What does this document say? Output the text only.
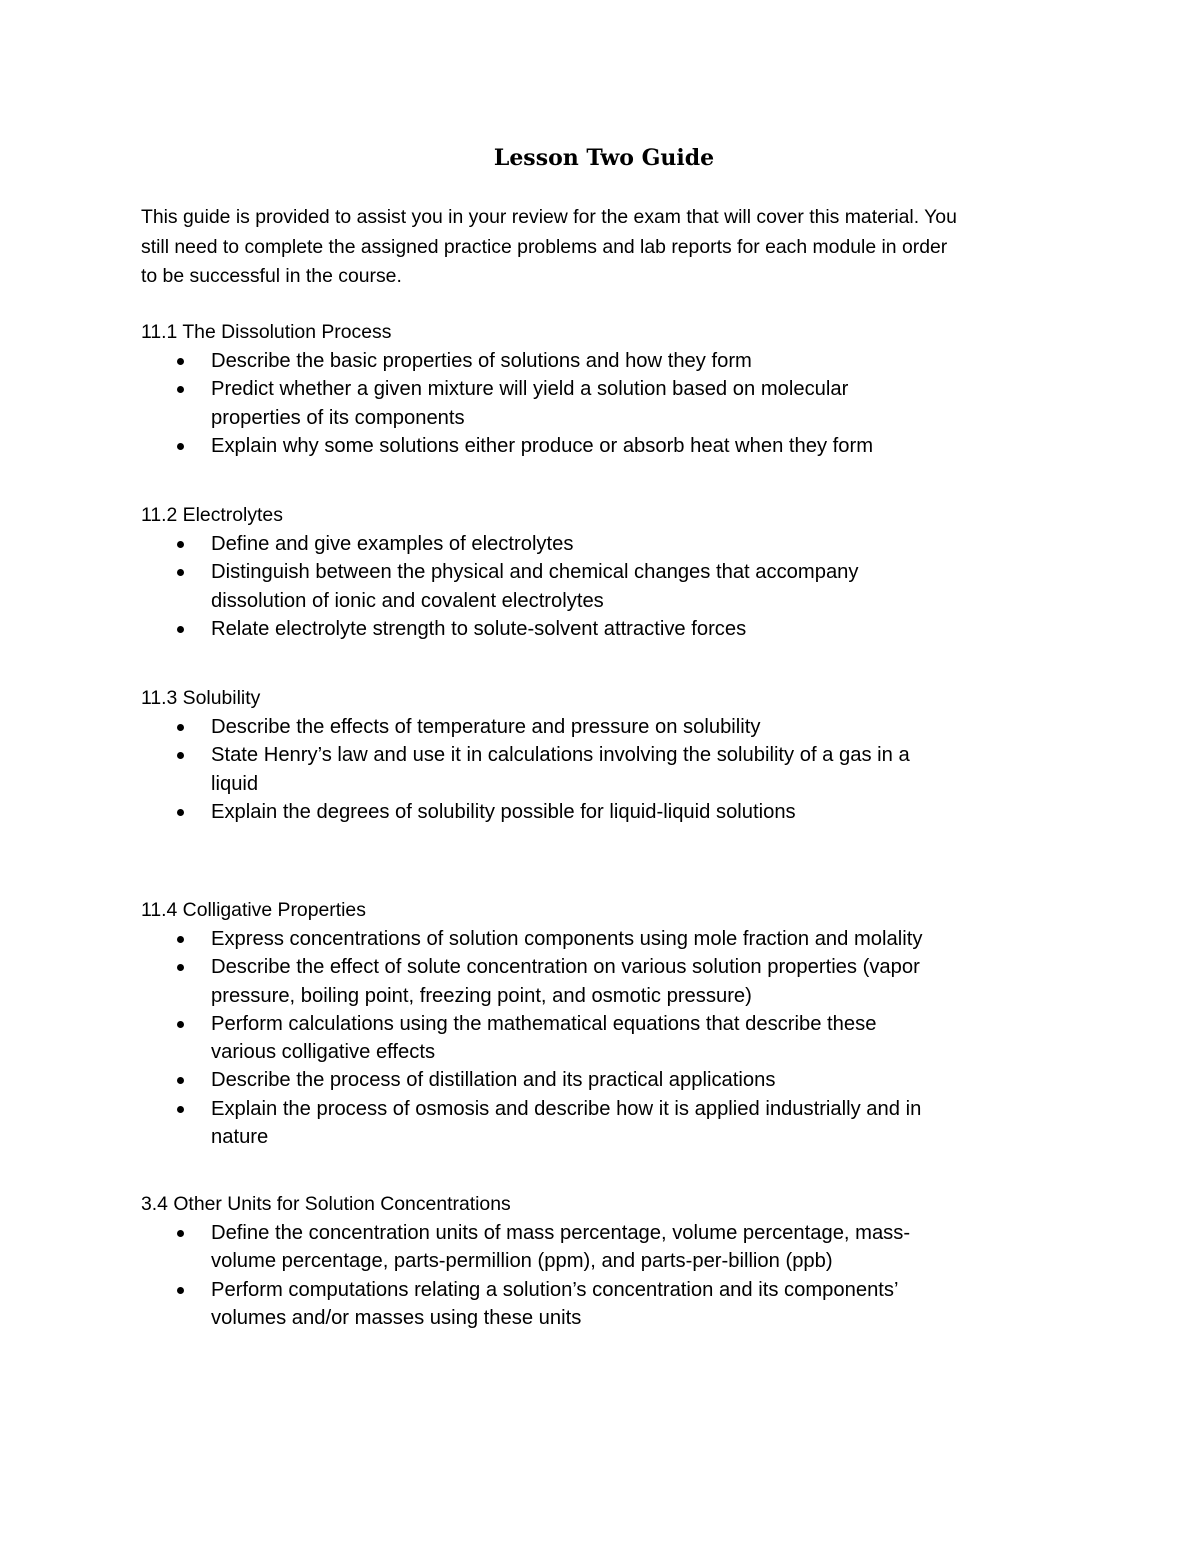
Lesson Two Guide

This guide is provided to assist you in your review for the exam that will cover this material. You
still need to complete the assigned practice problems and lab reports for each module in order
to be successful in the course.

11.1 The Dissolution Process
Describe the basic properties of solutions and how they form
Predict whether a given mixture will yield a solution based on molecular
properties of its components
Explain why some solutions either produce or absorb heat when they form
11.2 Electrolytes
Define and give examples of electrolytes
Distinguish between the physical and chemical changes that accompany
dissolution of ionic and covalent electrolytes
Relate electrolyte strength to solute-solvent attractive forces
11.3 Solubility
Describe the effects of temperature and pressure on solubility
State Henry’s law and use it in calculations involving the solubility of a gas in a
liquid
Explain the degrees of solubility possible for liquid-liquid solutions
11.4 Colligative Properties
Express concentrations of solution components using mole fraction and molality
Describe the effect of solute concentration on various solution properties (vapor
pressure, boiling point, freezing point, and osmotic pressure)
Perform calculations using the mathematical equations that describe these
various colligative effects
Describe the process of distillation and its practical applications
Explain the process of osmosis and describe how it is applied industrially and in
nature
3.4 Other Units for Solution Concentrations
Define the concentration units of mass percentage, volume percentage, mass-
volume percentage, parts-permillion (ppm), and parts-per-billion (ppb)
Perform computations relating a solution’s concentration and its components’
volumes and/or masses using these units
